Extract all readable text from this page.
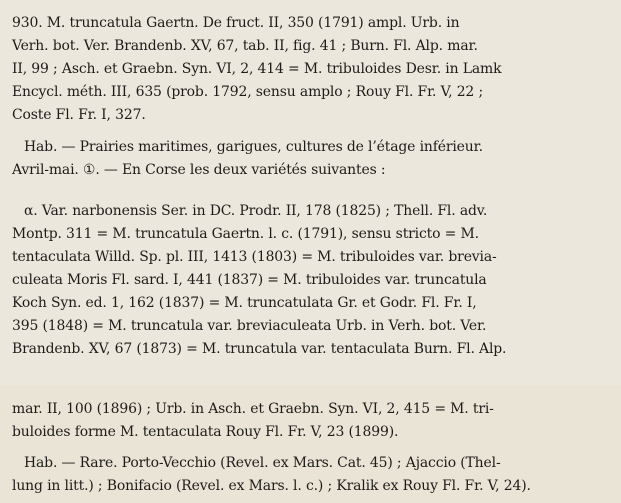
930. M. truncatula Gaertn. De fruct. II, 350 (1791) ampl. Urb. in
Verh. bot. Ver. Brandenb. XV, 67, tab. II, fig. 41 ; Burn. Fl. Alp. mar.
II, 99 ; Asch. et Graebn. Syn. VI, 2, 414 = M. tribuloides Desr. in Lamk
Encycl. méth. III, 635 (prob. 1792, sensu amplo ; Rouy Fl. Fr. V, 22 ;
Coste Fl. Fr. I, 327.
Hab. — Prairies maritimes, garigues, cultures de l’étage inférieur.
Avril-mai. ①. — En Corse les deux variétés suivantes :
α. Var. narbonensis Ser. in DC. Prodr. II, 178 (1825) ; Thell. Fl. adv.
Montp. 311 = M. truncatula Gaertn. l. c. (1791), sensu stricto = M.
tentaculata Willd. Sp. pl. III, 1413 (1803) = M. tribuloides var. brevia-
culeata Moris Fl. sard. I, 441 (1837) = M. tribuloides var. truncatula
Koch Syn. ed. 1, 162 (1837) = M. truncatulata Gr. et Godr. Fl. Fr. I,
395 (1848) = M. truncatula var. breviaculeata Urb. in Verh. bot. Ver.
Brandenb. XV, 67 (1873) = M. truncatula var. tentaculata Burn. Fl. Alp.
mar. II, 100 (1896) ; Urb. in Asch. et Graebn. Syn. VI, 2, 415 = M. tri-
buloides forme M. tentaculata Rouy Fl. Fr. V, 23 (1899).
Hab. — Rare. Porto-Vecchio (Revel. ex Mars. Cat. 45) ; Ajaccio (Thel-
lung in litt.) ; Bonifacio (Revel. ex Mars. l. c.) ; Kralik ex Rouy Fl. Fr. V, 24).
